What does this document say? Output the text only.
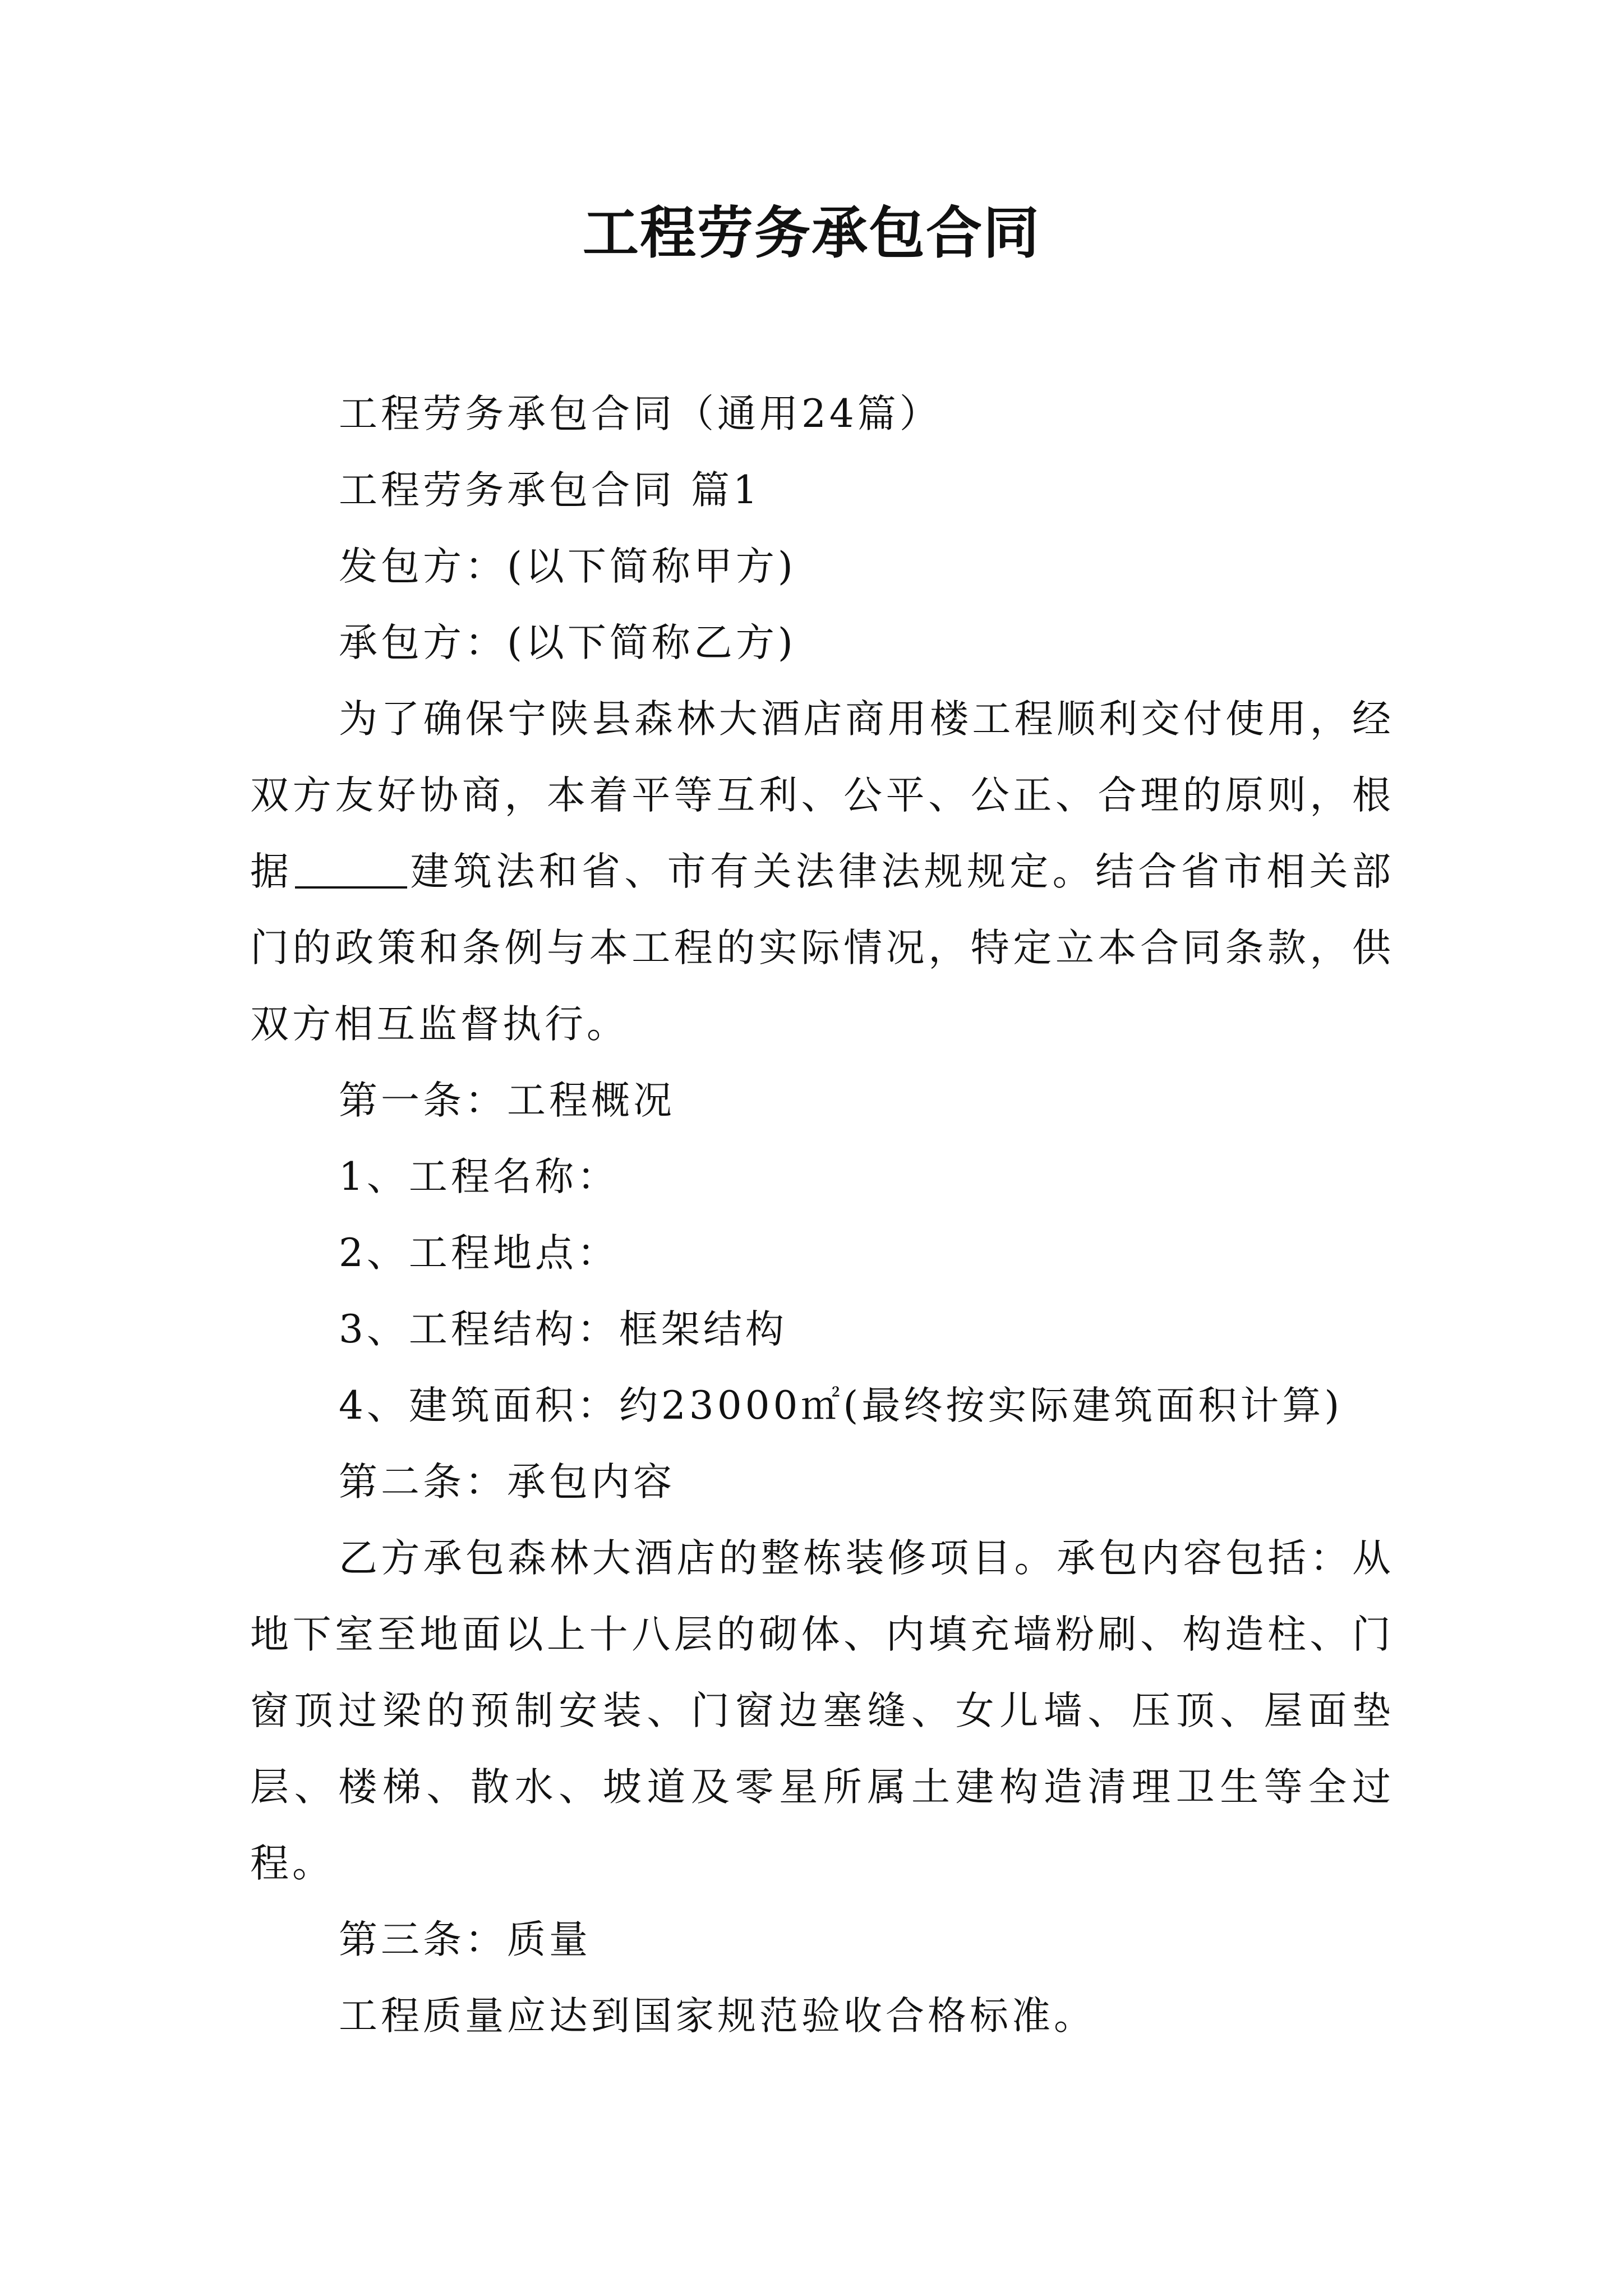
工程劳务承包合同

工程劳务承包合同（通用24篇）

工程劳务承包合同 篇1

发包方：(以下简称甲方)

承包方：(以下简称乙方)

为了确保宁陕县森林大酒店商用楼工程顺利交付使用，经双方友好协商，本着平等互利、公平、公正、合理的原则，根据	建筑法和省、市有关法律法规规定。结合省市相关部门的政策和条例与本工程的实际情况，特定立本合同条款，供双方相互监督执行。

第一条：工程概况

1、工程名称：

2、工程地点：

3、工程结构：框架结构

4、建筑面积：约23000㎡(最终按实际建筑面积计算)

第二条：承包内容

乙方承包森林大酒店的整栋装修项目。承包内容包括：从地下室至地面以上十八层的砌体、内填充墙粉刷、构造柱、门窗顶过梁的预制安装、门窗边塞缝、女儿墙、压顶、屋面垫层、楼梯、散水、坡道及零星所属土建构造清理卫生等全过程。

第三条：质量

工程质量应达到国家规范验收合格标准。
